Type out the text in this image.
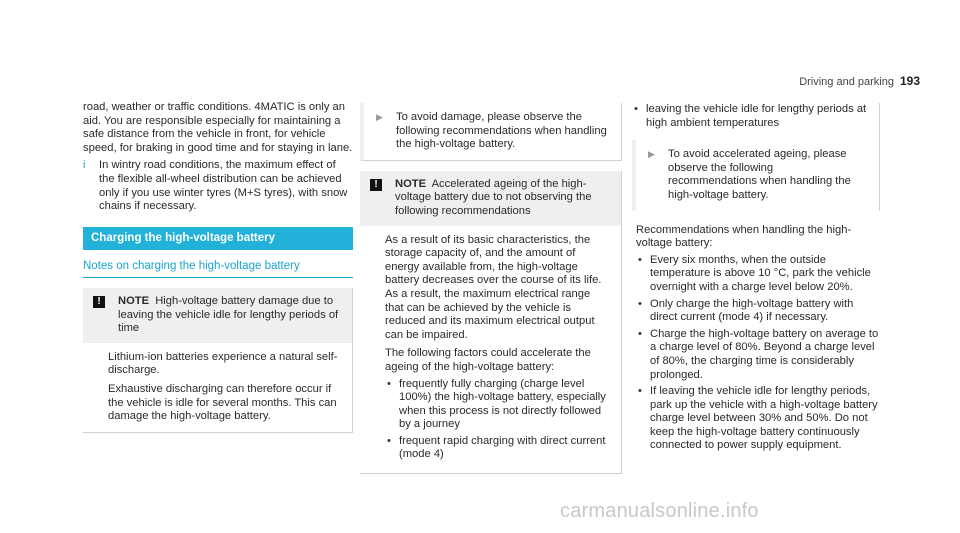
Driving and parking 193

road, weather or traffic conditions. 4MATIC is only an aid. You are responsible especially for maintaining a safe distance from the vehicle in front, for vehicle speed, for braking in good time and for staying in lane.

i	In wintry road conditions, the maximum effect of the flexible all-wheel distribution can be achieved only if you use winter tyres (M+S tyres), with snow chains if necessary.
Charging the high-voltage battery
Notes on charging the high-voltage battery
!	NOTE High-voltage battery damage due to leaving the vehicle idle for lengthy periods of time

Lithium-ion batteries experience a natural self-discharge.

Exhaustive discharging can therefore occur if the vehicle is idle for several months. This can damage the high-voltage battery.

▶	To avoid damage, please observe the following recommendations when handling the high-voltage battery.
!	NOTE Accelerated ageing of the high-voltage battery due to not observing the following recommendations

As a result of its basic characteristics, the storage capacity of, and the amount of energy available from, the high-voltage battery decreases over the course of its life. As a result, the maximum electrical range that can be achieved by the vehicle is reduced and its maximum electrical output can be impaired.

The following factors could accelerate the ageing of the high-voltage battery:

• frequently fully charging (charge level 100%) the high-voltage battery, especially when this process is not directly followed by a journey
• frequent rapid charging with direct current (mode 4)
• leaving the vehicle idle for lengthy periods at high ambient temperatures
▶	To avoid accelerated ageing, please observe the following recommendations when handling the high-voltage battery.

Recommendations when handling the high-voltage battery:

• Every six months, when the outside temperature is above 10 °C, park the vehicle overnight with a charge level below 20%.
• Only charge the high-voltage battery with direct current (mode 4) if necessary.
• Charge the high-voltage battery on average to a charge level of 80%. Beyond a charge level of 80%, the charging time is considerably prolonged.
• If leaving the vehicle idle for lengthy periods, park up the vehicle with a high-voltage battery charge level between 30% and 50%. Do not keep the high-voltage battery continuously connected to power supply equipment.
carmanualsonline.info
